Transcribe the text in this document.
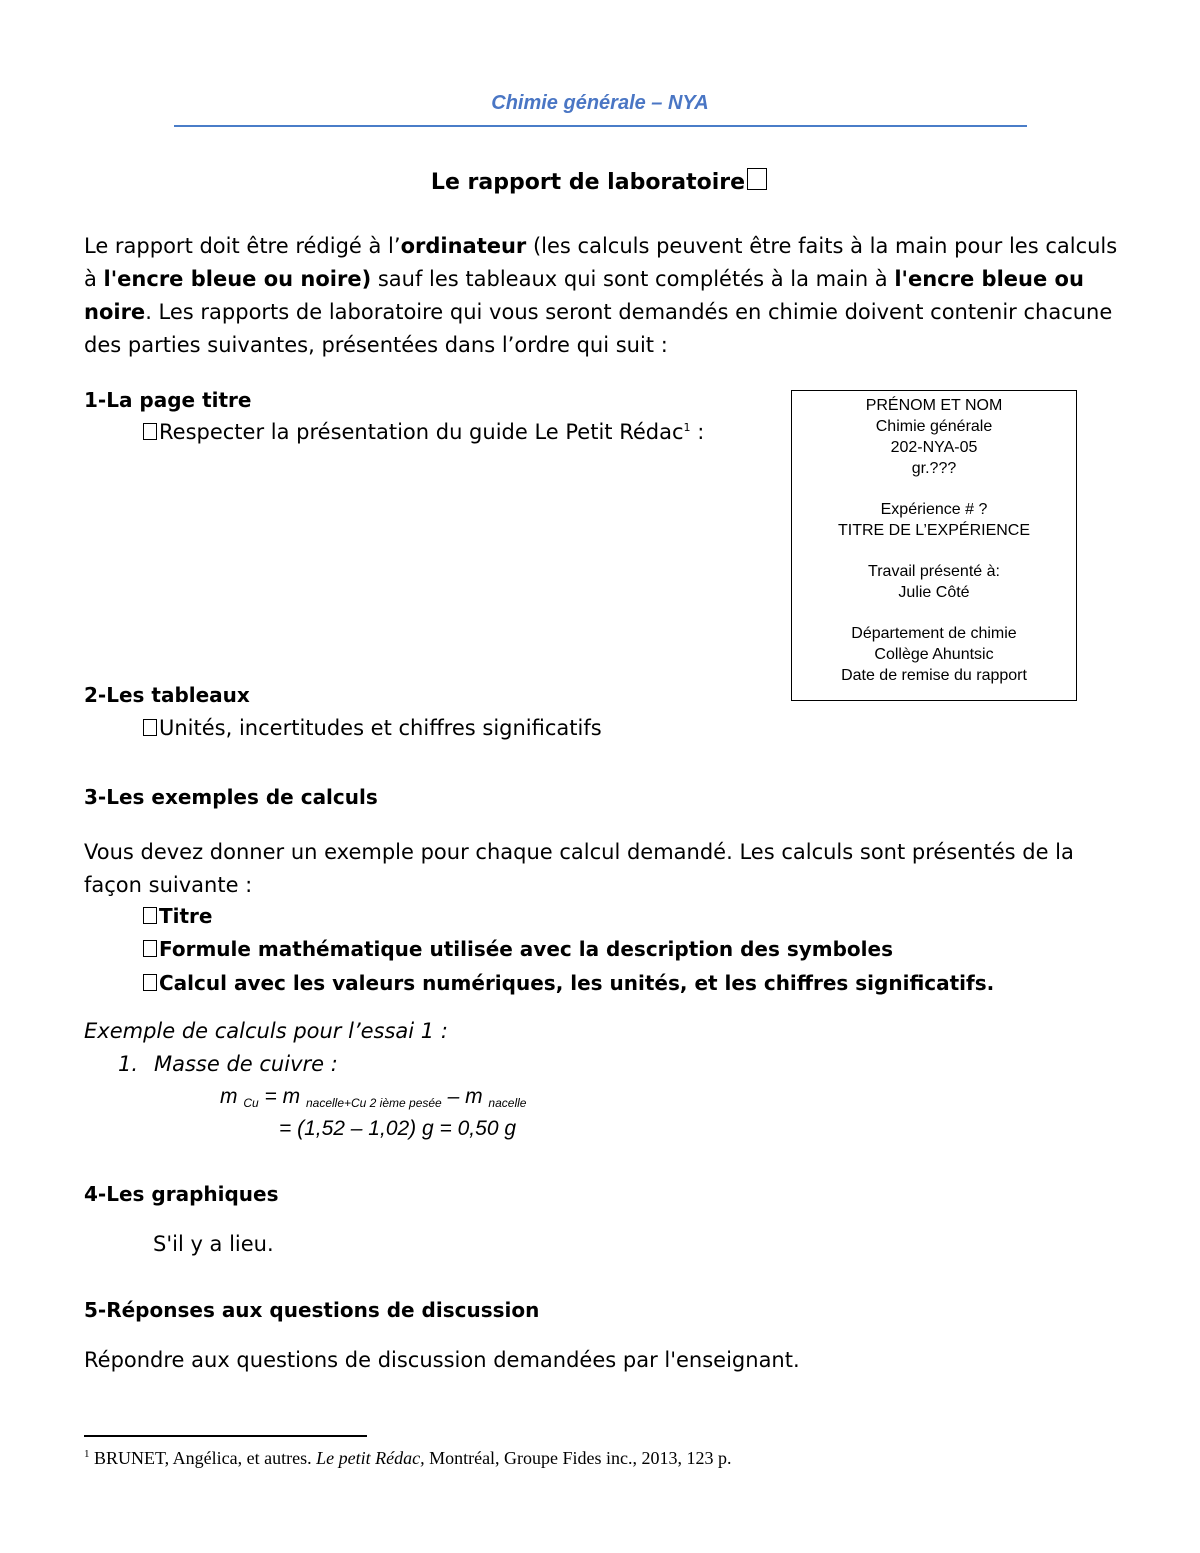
Chimie générale – NYA
Le rapport de laboratoire
Le rapport doit être rédigé à l’ordinateur (les calculs peuvent être faits à la main pour les calculs à l'encre bleue ou noire) sauf les tableaux qui sont complétés à la main à l'encre bleue ou noire. Les rapports de laboratoire qui vous seront demandés en chimie doivent contenir chacune des parties suivantes, présentées dans l’ordre qui suit :
1-La page titre
Respecter la présentation du guide Le Petit Rédac$^1$ :
PRÉNOM ET NOM
Chimie générale
202-NYA-05
gr.???
Expérience # ?
TITRE DE L’EXPÉRIENCE
Travail présenté à:
Julie Côté
Département de chimie
Collège Ahuntsic
Date de remise du rapport
2-Les tableaux
Unités, incertitudes et chiffres significatifs
3-Les exemples de calculs
Vous devez donner un exemple pour chaque calcul demandé. Les calculs sont présentés de la façon suivante :
Titre
Formule mathématique utilisée avec la description des symboles
Calcul avec les valeurs numériques, les unités, et les chiffres significatifs.
Exemple de calculs pour l’essai 1 :
1. Masse de cuivre :
m $_{Cu}$ = m $_{nacelle+Cu 2 ième pesée}$ – m $_{nacelle}$
= (1,52 – 1,02) g = 0,50 g
4-Les graphiques
S'il y a lieu.
5-Réponses aux questions de discussion
Répondre aux questions de discussion demandées par l'enseignant.
$^1$ BRUNET, Angélica, et autres. Le petit Rédac, Montréal, Groupe Fides inc., 2013, 123 p.
